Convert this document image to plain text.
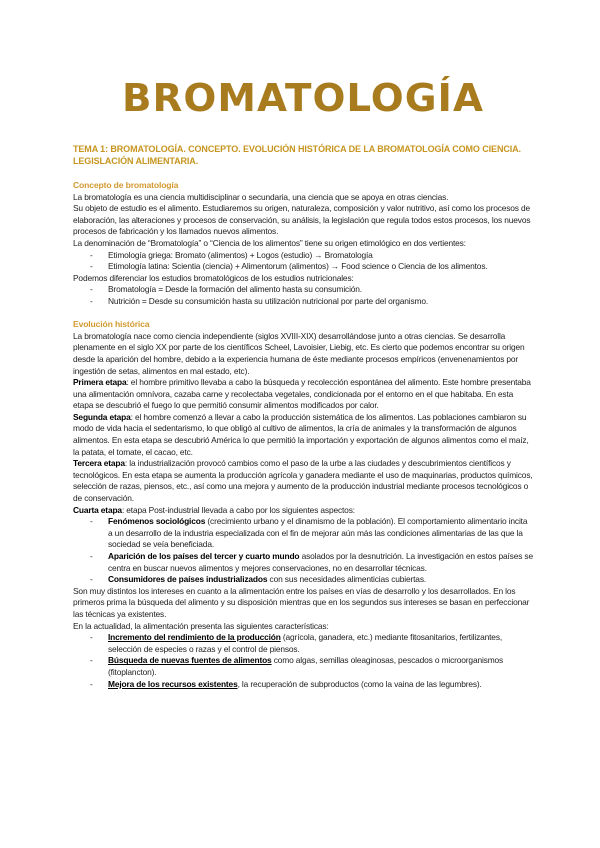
BROMATOLOGÍA
TEMA 1: BROMATOLOGÍA. CONCEPTO. EVOLUCIÓN HISTÓRICA DE LA BROMATOLOGÍA COMO CIENCIA. LEGISLACIÓN ALIMENTARIA.

Concepto de bromatología

La bromatología es una ciencia multidisciplinar o secundaria, una ciencia que se apoya en otras ciencias.

Su objeto de estudio es el alimento. Estudiaremos su origen, naturaleza, composición y valor nutritivo, así como los procesos de elaboración, las alteraciones y procesos de conservación, su análisis, la legislación que regula todos estos procesos, los nuevos procesos de fabricación y los llamados nuevos alimentos.

La denominación de “Bromatología” o “Ciencia de los alimentos” tiene su origen etimológico en dos vertientes:

- Etimología griega: Bromato (alimentos) + Logos (estudio) → Bromatología
- Etimología latina: Scientia (ciencia) + Alimentorum (alimentos) → Food science o Ciencia de los alimentos.

Podemos diferenciar los estudios bromatológicos de los estudios nutricionales:

- Bromatología = Desde la formación del alimento hasta su consumición.
- Nutrición = Desde su consumición hasta su utilización nutricional por parte del organismo.

Evolución histórica

La bromatología nace como ciencia independiente (siglos XVIII-XIX) desarrollándose junto a otras ciencias. Se desarrolla plenamente en el siglo XX por parte de los científicos Scheel, Lavoisier, Liebig, etc. Es cierto que podemos encontrar su origen desde la aparición del hombre, debido a la experiencia humana de éste mediante procesos empíricos (envenenamientos por ingestión de setas, alimentos en mal estado, etc).

Primera etapa: el hombre primitivo llevaba a cabo la búsqueda y recolección espontánea del alimento. Este hombre presentaba una alimentación omnívora, cazaba carne y recolectaba vegetales, condicionada por el entorno en el que habitaba. En esta etapa se descubrió el fuego lo que permitió consumir alimentos modificados por calor.

Segunda etapa: el hombre comenzó a llevar a cabo la producción sistemática de los alimentos. Las poblaciones cambiaron su modo de vida hacia el sedentarismo, lo que obligó al cultivo de alimentos, la cría de animales y la transformación de algunos alimentos. En esta etapa se descubrió América lo que permitió la importación y exportación de algunos alimentos como el maíz, la patata, el tomate, el cacao, etc.

Tercera etapa: la industrialización provocó cambios como el paso de la urbe a las ciudades y descubrimientos científicos y tecnológicos. En esta etapa se aumenta la producción agrícola y ganadera mediante el uso de maquinarias, productos químicos, selección de razas, piensos, etc., así como una mejora y aumento de la producción industrial mediante procesos tecnológicos o de conservación.

Cuarta etapa: etapa Post-industrial llevada a cabo por los siguientes aspectos:

- Fenómenos sociológicos (crecimiento urbano y el dinamismo de la población). El comportamiento alimentario incita a un desarrollo de la industria especializada con el fin de mejorar aún más las condiciones alimentarias de las que la sociedad se veía beneficiada.
- Aparición de los países del tercer y cuarto mundo asolados por la desnutrición. La investigación en estos países se centra en buscar nuevos alimentos y mejores conservaciones, no en desarrollar técnicas.
- Consumidores de países industrializados con sus necesidades alimenticias cubiertas.

Son muy distintos los intereses en cuanto a la alimentación entre los países en vías de desarrollo y los desarrollados. En los primeros prima la búsqueda del alimento y su disposición mientras que en los segundos sus intereses se basan en perfeccionar las técnicas ya existentes.

En la actualidad, la alimentación presenta las siguientes características:

- Incremento del rendimiento de la producción (agrícola, ganadera, etc.) mediante fitosanitarios, fertilizantes, selección de especies o razas y el control de piensos.
- Búsqueda de nuevas fuentes de alimentos como algas, semillas oleaginosas, pescados o microorganismos (fitoplancton).
- Mejora de los recursos existentes, la recuperación de subproductos (como la vaina de las legumbres).
